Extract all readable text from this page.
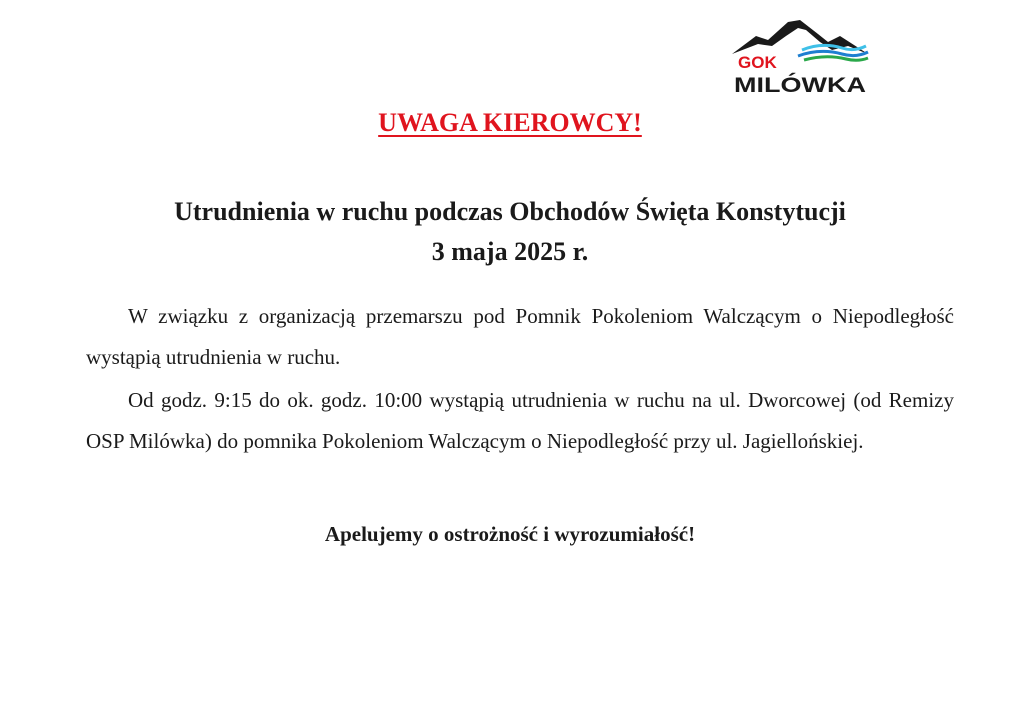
GOK
MILÓWKA
UWAGA KIEROWCY!
Utrudnienia w ruchu podczas Obchodów Święta Konstytucji
3 maja 2025 r.

W związku z organizacją przemarszu pod Pomnik Pokoleniom Walczącym o Niepodległość wystąpią utrudnienia w ruchu.

Od godz. 9:15 do ok. godz. 10:00 wystąpią utrudnienia w ruchu na ul. Dworcowej (od Remizy OSP Milówka) do pomnika Pokoleniom Walczącym o Niepodległość przy ul. Jagiellońskiej.

Apelujemy o ostrożność i wyrozumiałość!
